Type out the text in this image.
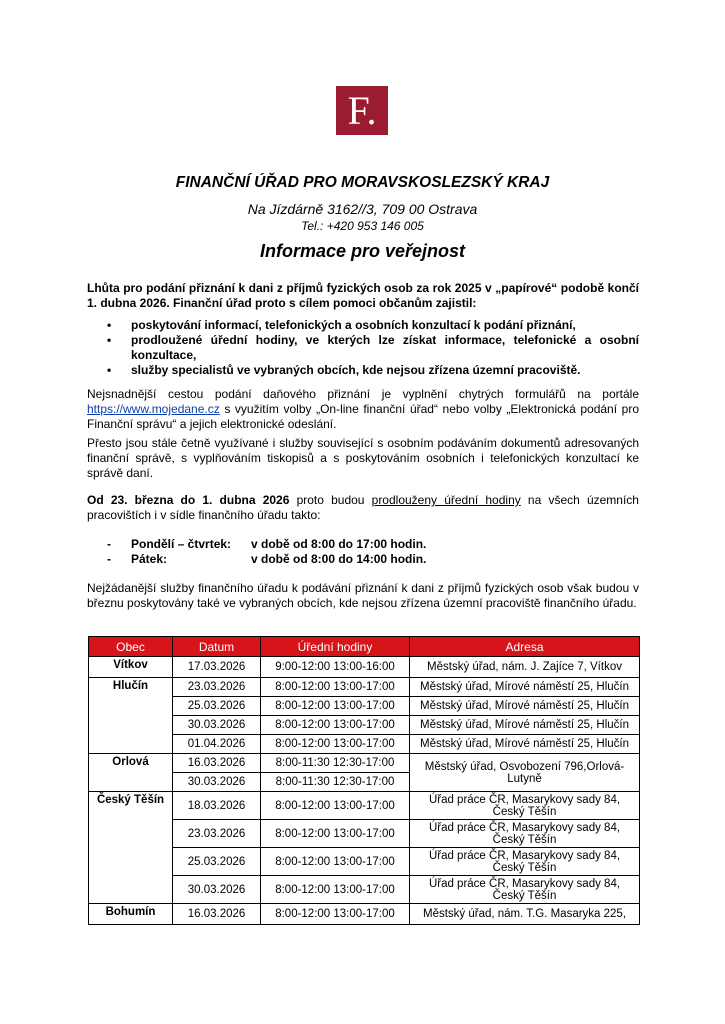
F.
FINANČNÍ ÚŘAD PRO MORAVSKOSLEZSKÝ KRAJ
Na Jízdárně 3162//3, 709 00 Ostrava
Tel.: +420 953 146 005
Informace pro veřejnost
Lhůta pro podání přiznání k dani z příjmů fyzických osob za rok 2025 v „papírové“ podobě končí 1. dubna 2026. Finanční úřad proto s cílem pomoci občanům zajistil:
• poskytování informací, telefonických a osobních konzultací k podání přiznání,
• prodloužené úřední hodiny, ve kterých lze získat informace, telefonické a osobní konzultace,
• služby specialistů ve vybraných obcích, kde nejsou zřízena územní pracoviště.
Nejsnadnější cestou podání daňového přiznání je vyplnění chytrých formulářů na portále https://www.mojedane.cz s využitím volby „On-line finanční úřad“ nebo volby „Elektronická podání pro Finanční správu“ a jejich elektronické odeslání.
Přesto jsou stále četně využívané i služby související s osobním podáváním dokumentů adresovaných finanční správě, s vyplňováním tiskopisů a s poskytováním osobních i telefonických konzultací ke správě daní.
Od 23. března do 1. dubna 2026 proto budou prodlouženy úřední hodiny na všech územních pracovištích i v sídle finančního úřadu takto:
-	Pondělí – čtvrtek:	v době od 8:00 do 17:00 hodin.
-	Pátek:	v době od 8:00 do 14:00 hodin.
Nejžádanější služby finančního úřadu k podávání přiznání k dani z příjmů fyzických osob však budou v březnu poskytovány také ve vybraných obcích, kde nejsou zřízena územní pracoviště finančního úřadu.
Obec	Datum	Úřední hodiny	Adresa
Vítkov	17.03.2026	9:00-12:00 13:00-16:00	Městský úřad, nám. J. Zajíce 7, Vítkov
Hlučín	23.03.2026	8:00-12:00 13:00-17:00	Městský úřad, Mírové náměstí 25, Hlučín
	25.03.2026	8:00-12:00 13:00-17:00	Městský úřad, Mírové náměstí 25, Hlučín
	30.03.2026	8:00-12:00 13:00-17:00	Městský úřad, Mírové náměstí 25, Hlučín
	01.04.2026	8:00-12:00 13:00-17:00	Městský úřad, Mírové náměstí 25, Hlučín
Orlová	16.03.2026	8:00-11:30 12:30-17:00	Městský úřad, Osvobození 796,Orlová-Lutyně
	30.03.2026	8:00-11:30 12:30-17:00	
Český Těšín	18.03.2026	8:00-12:00 13:00-17:00	Úřad práce ČR, Masarykovy sady 84, Český Těšín
	23.03.2026	8:00-12:00 13:00-17:00	Úřad práce ČR, Masarykovy sady 84, Český Těšín
	25.03.2026	8:00-12:00 13:00-17:00	Úřad práce ČR, Masarykovy sady 84, Český Těšín
	30.03.2026	8:00-12:00 13:00-17:00	Úřad práce ČR, Masarykovy sady 84, Český Těšín
Bohumín	16.03.2026	8:00-12:00 13:00-17:00	Městský úřad, nám. T.G. Masaryka 225,
